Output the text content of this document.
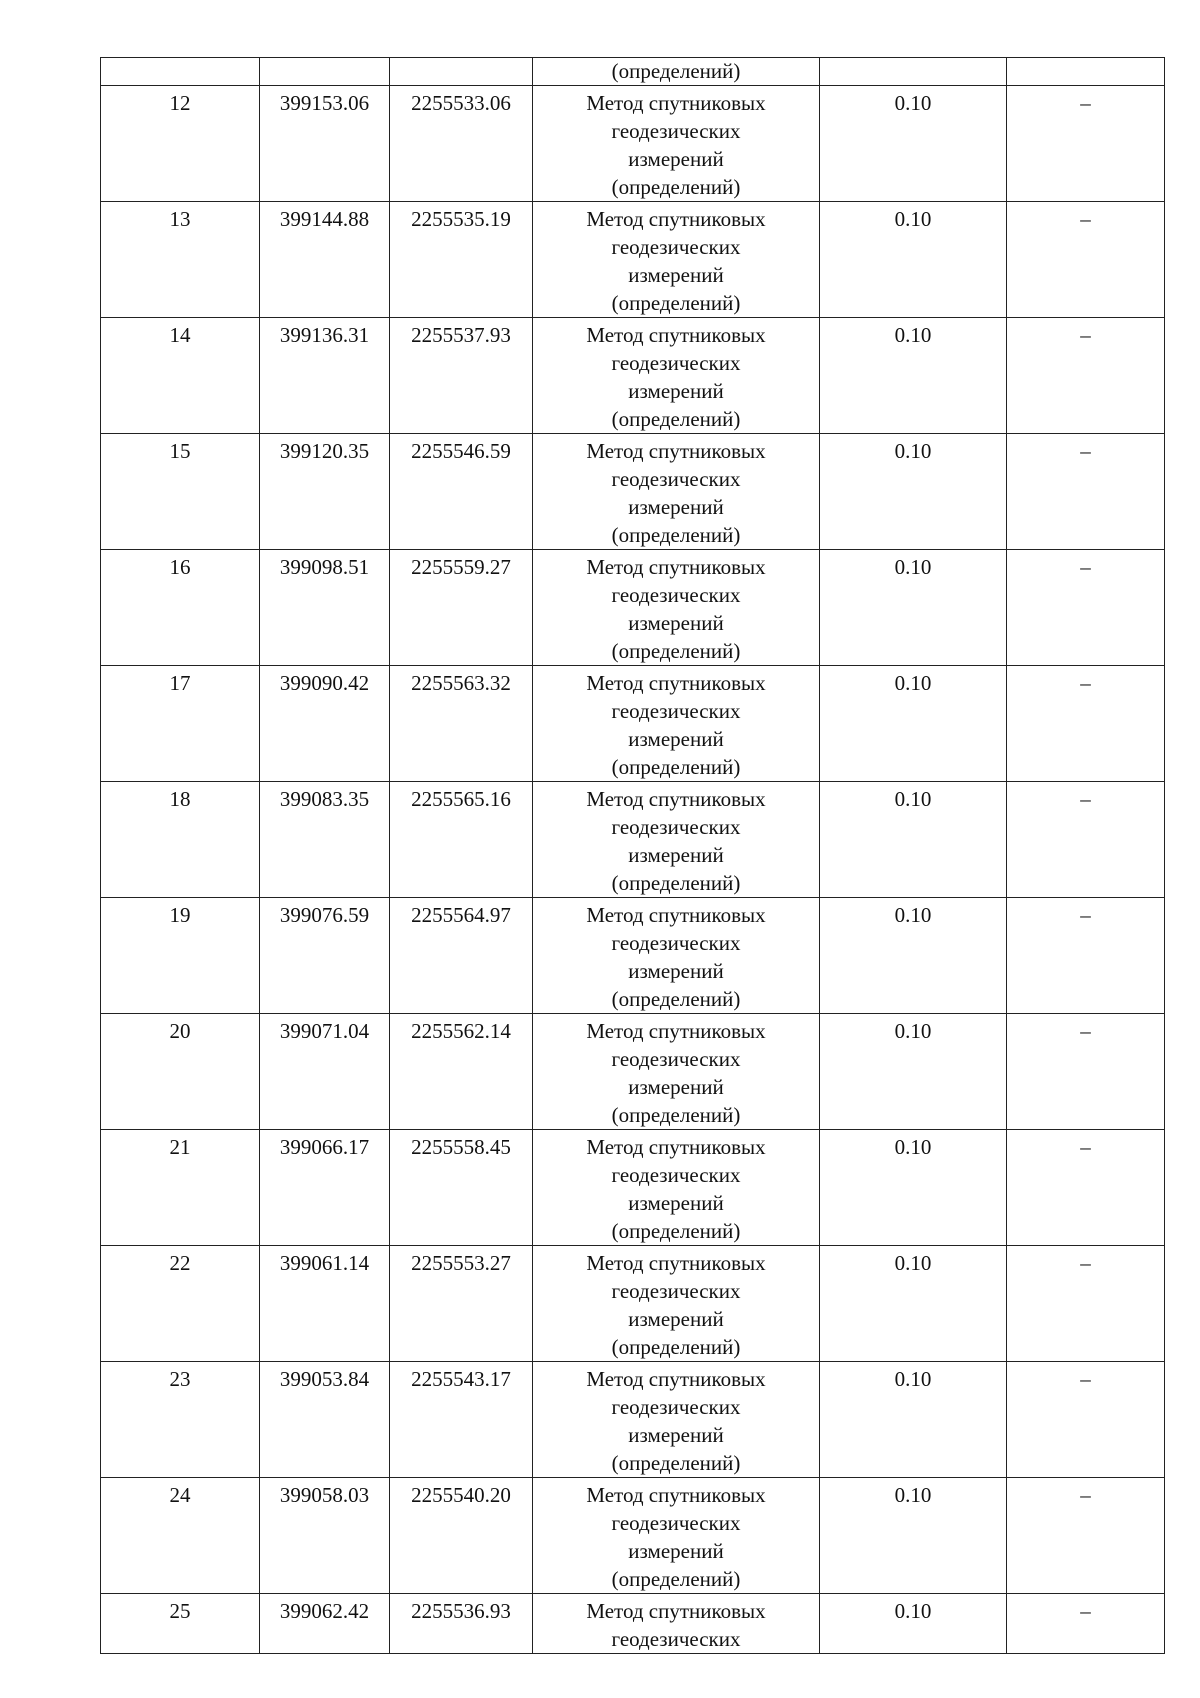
			(определений)		

12	399153.06	2255533.06	Метод спутниковых
геодезических
измерений
(определений)	0.10	–

13	399144.88	2255535.19	Метод спутниковых
геодезических
измерений
(определений)	0.10	–

14	399136.31	2255537.93	Метод спутниковых
геодезических
измерений
(определений)	0.10	–

15	399120.35	2255546.59	Метод спутниковых
геодезических
измерений
(определений)	0.10	–

16	399098.51	2255559.27	Метод спутниковых
геодезических
измерений
(определений)	0.10	–

17	399090.42	2255563.32	Метод спутниковых
геодезических
измерений
(определений)	0.10	–

18	399083.35	2255565.16	Метод спутниковых
геодезических
измерений
(определений)	0.10	–

19	399076.59	2255564.97	Метод спутниковых
геодезических
измерений
(определений)	0.10	–

20	399071.04	2255562.14	Метод спутниковых
геодезических
измерений
(определений)	0.10	–

21	399066.17	2255558.45	Метод спутниковых
геодезических
измерений
(определений)	0.10	–

22	399061.14	2255553.27	Метод спутниковых
геодезических
измерений
(определений)	0.10	–

23	399053.84	2255543.17	Метод спутниковых
геодезических
измерений
(определений)	0.10	–

24	399058.03	2255540.20	Метод спутниковых
геодезических
измерений
(определений)	0.10	–

25	399062.42	2255536.93	Метод спутниковых
геодезических	0.10	–
